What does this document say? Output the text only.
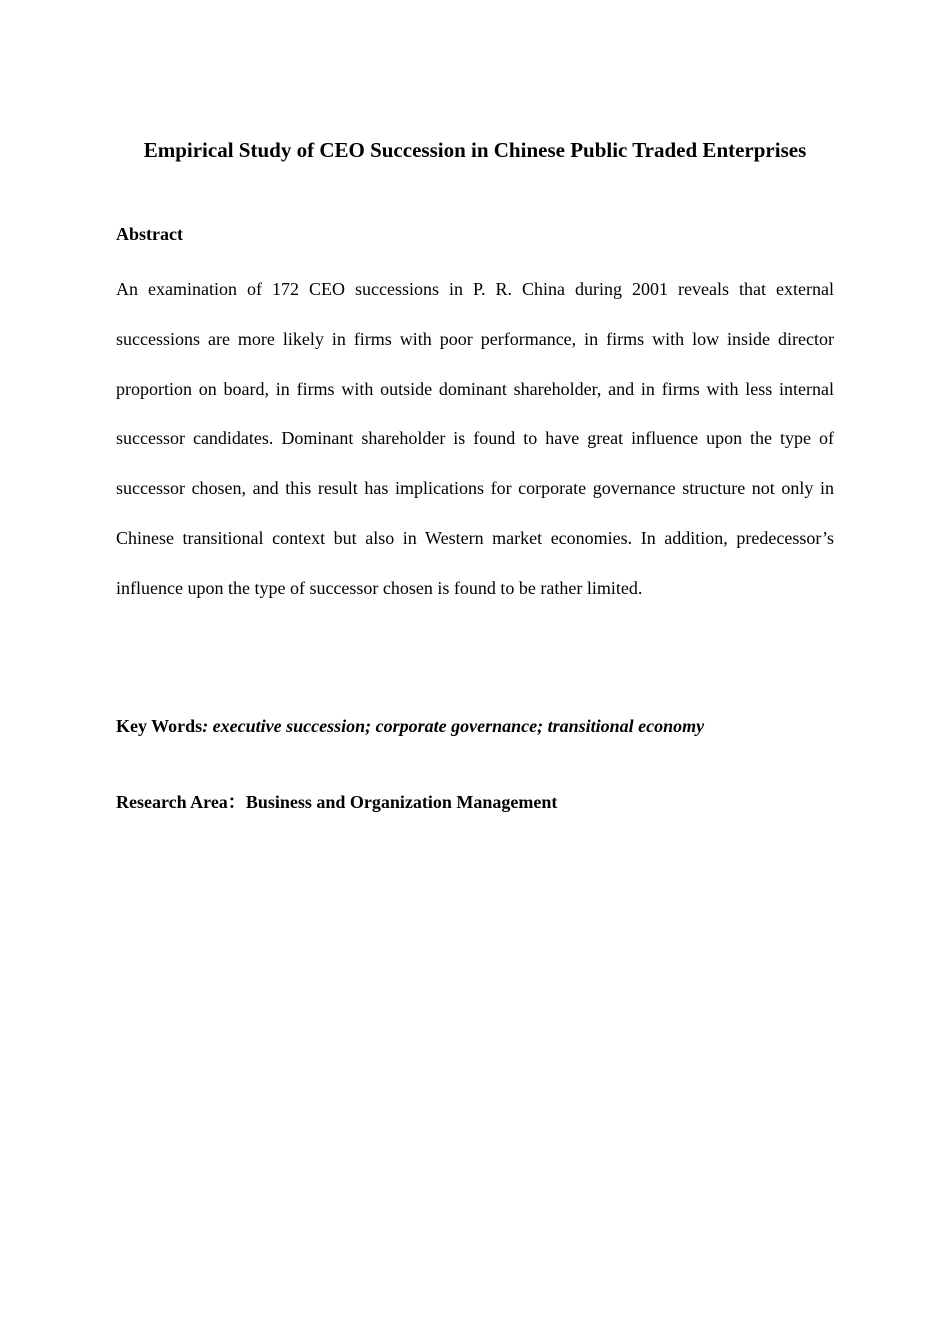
Empirical Study of CEO Succession in Chinese Public Traded Enterprises
Abstract

An examination of 172 CEO successions in P. R. China during 2001 reveals that external successions are more likely in firms with poor performance, in firms with low inside director proportion on board, in firms with outside dominant shareholder, and in firms with less internal successor candidates. Dominant shareholder is found to have great influence upon the type of successor chosen, and this result has implications for corporate governance structure not only in Chinese transitional context but also in Western market economies. In addition, predecessor’s influence upon the type of successor chosen is found to be rather limited.

Key Words: executive succession; corporate governance; transitional economy

Research Area：Business and Organization Management
